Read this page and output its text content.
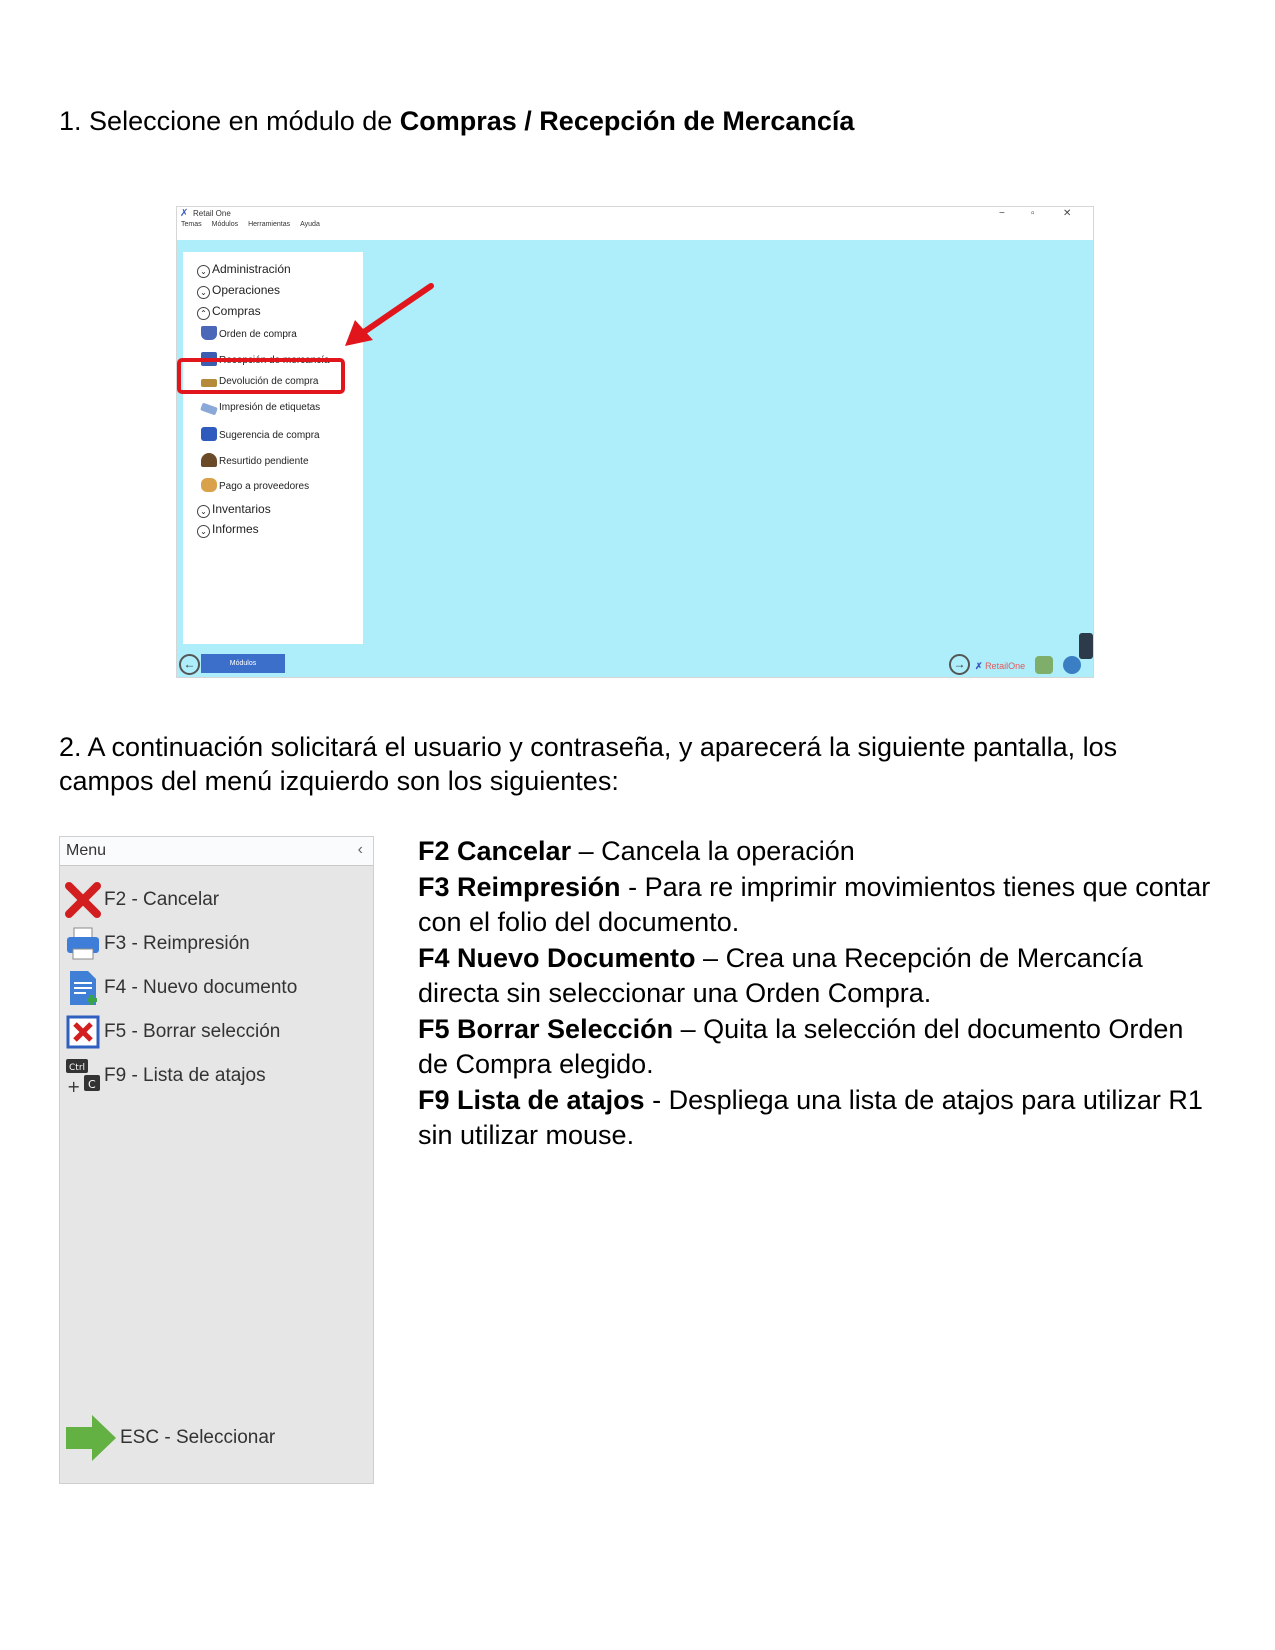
1. Seleccione en módulo de Compras / Recepción de Mercancía
✗ Retail One	−	▫	✕
Temas Módulos Herramientas Ayuda
⌄ Administración
⌄ Operaciones
⌃ Compras
Orden de compra
Recepción de mercancía
Devolución de compra
Impresión de etiquetas
Sugerencia de compra
Resurtido pendiente
Pago a proveedores
⌄ Inventarios
⌄ Informes
←	Módulos	→	✗ RetailOne
2. A continuación solicitará el usuario y contraseña, y aparecerá la siguiente pantalla, los
campos del menú izquierdo son los siguientes:
Menu	‹
F2 - Cancelar
F3 - Reimpresión
F4 - Nuevo documento
F5 - Borrar selección
Ctrl
C
+
F9 - Lista de atajos
ESC - Seleccionar

F2 Cancelar – Cancela la operación

F3 Reimpresión - Para re imprimir movimientos tienes que contar con el folio del documento.

F4 Nuevo Documento – Crea una Recepción de Mercancía directa sin seleccionar una Orden Compra.

F5 Borrar Selección – Quita la selección del documento Orden de Compra elegido.

F9 Lista de atajos - Despliega una lista de atajos para utilizar R1 sin utilizar mouse.
